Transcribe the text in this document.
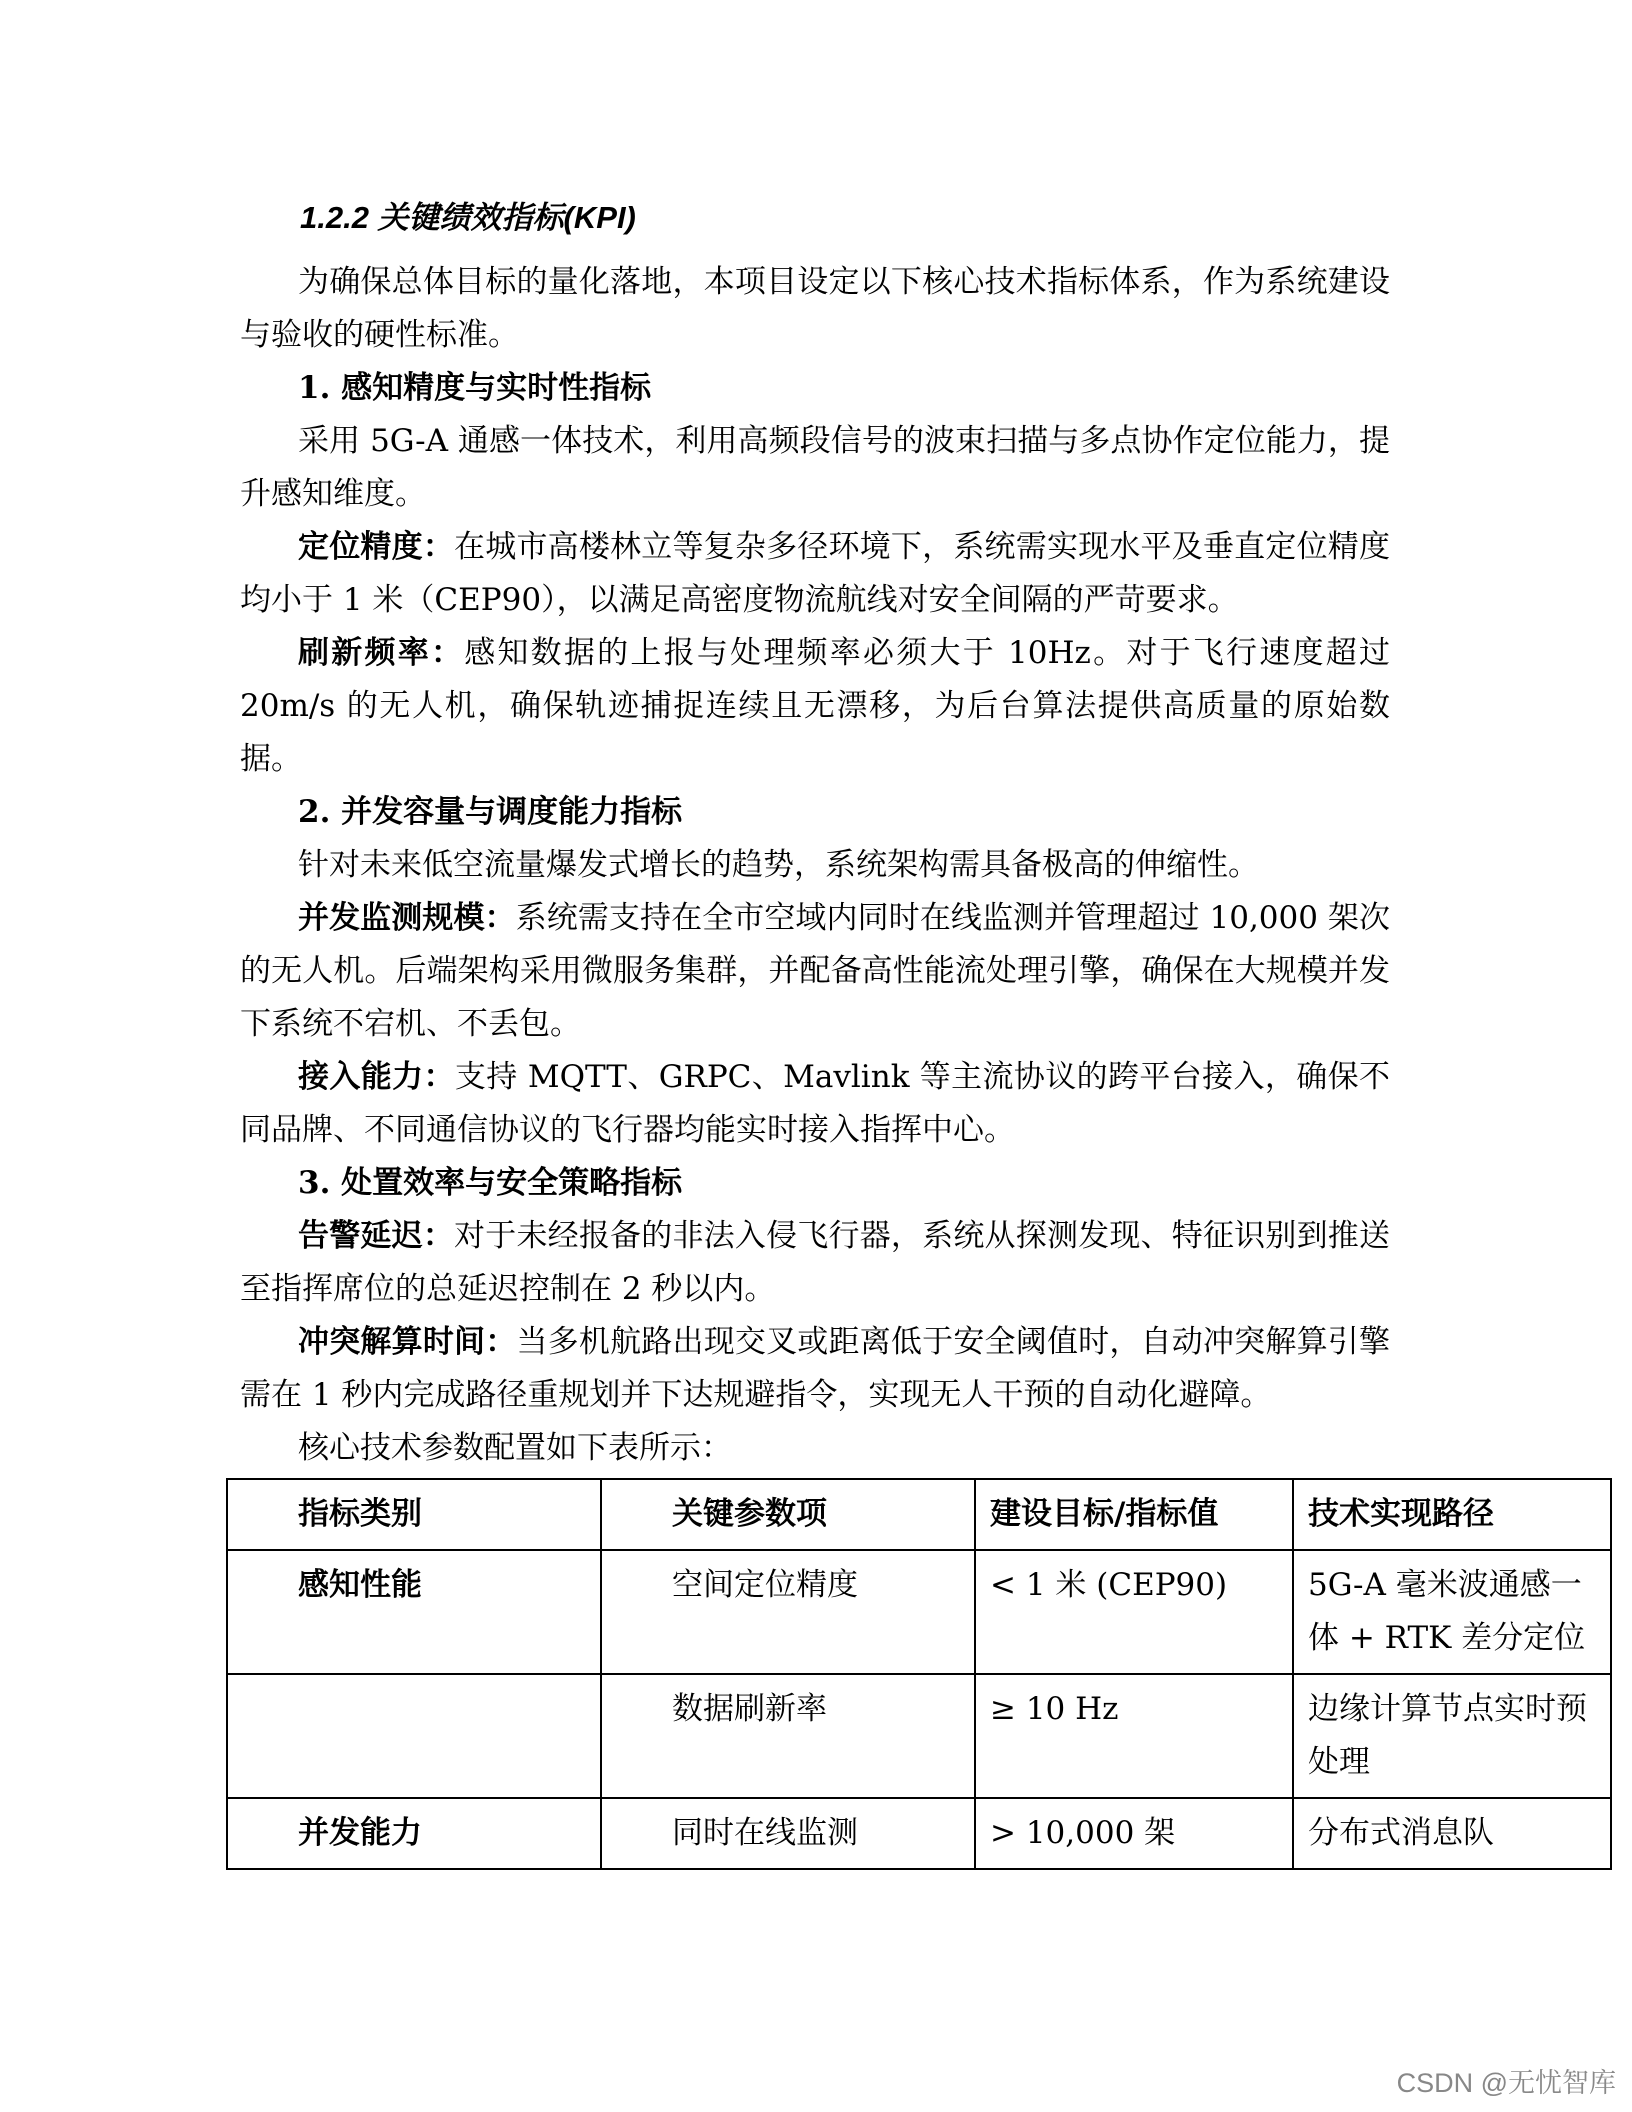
1.2.2 关键绩效指标(KPI)

为确保总体目标的量化落地，本项目设定以下核心技术指标体系，作为系统建设与验收的硬性标准。

1. 感知精度与实时性指标

采用 5G-A 通感一体技术，利用高频段信号的波束扫描与多点协作定位能力，提升感知维度。

定位精度：在城市高楼林立等复杂多径环境下，系统需实现水平及垂直定位精度均小于 1 米（CEP90），以满足高密度物流航线对安全间隔的严苛要求。

刷新频率：感知数据的上报与处理频率必须大于 10Hz。对于飞行速度超过 20m/s 的无人机，确保轨迹捕捉连续且无漂移，为后台算法提供高质量的原始数据。

2. 并发容量与调度能力指标

针对未来低空流量爆发式增长的趋势，系统架构需具备极高的伸缩性。

并发监测规模：系统需支持在全市空域内同时在线监测并管理超过 10,000 架次的无人机。后端架构采用微服务集群，并配备高性能流处理引擎，确保在大规模并发下系统不宕机、不丢包。

接入能力：支持 MQTT、GRPC、Mavlink 等主流协议的跨平台接入，确保不同品牌、不同通信协议的飞行器均能实时接入指挥中心。

3. 处置效率与安全策略指标

告警延迟：对于未经报备的非法入侵飞行器，系统从探测发现、特征识别到推送至指挥席位的总延迟控制在 2 秒以内。

冲突解算时间：当多机航路出现交叉或距离低于安全阈值时，自动冲突解算引擎需在 1 秒内完成路径重规划并下达规避指令，实现无人干预的自动化避障。

核心技术参数配置如下表所示：

指标类别	关键参数项	建设目标/指标值	技术实现路径
感知性能	空间定位精度	< 1 米 (CEP90)	5G-A 毫米波通感一体 + RTK 差分定位
	数据刷新率	≥ 10 Hz	边缘计算节点实时预处理
并发能力	同时在线监测	> 10,000 架	分布式消息队
CSDN @无忧智库
